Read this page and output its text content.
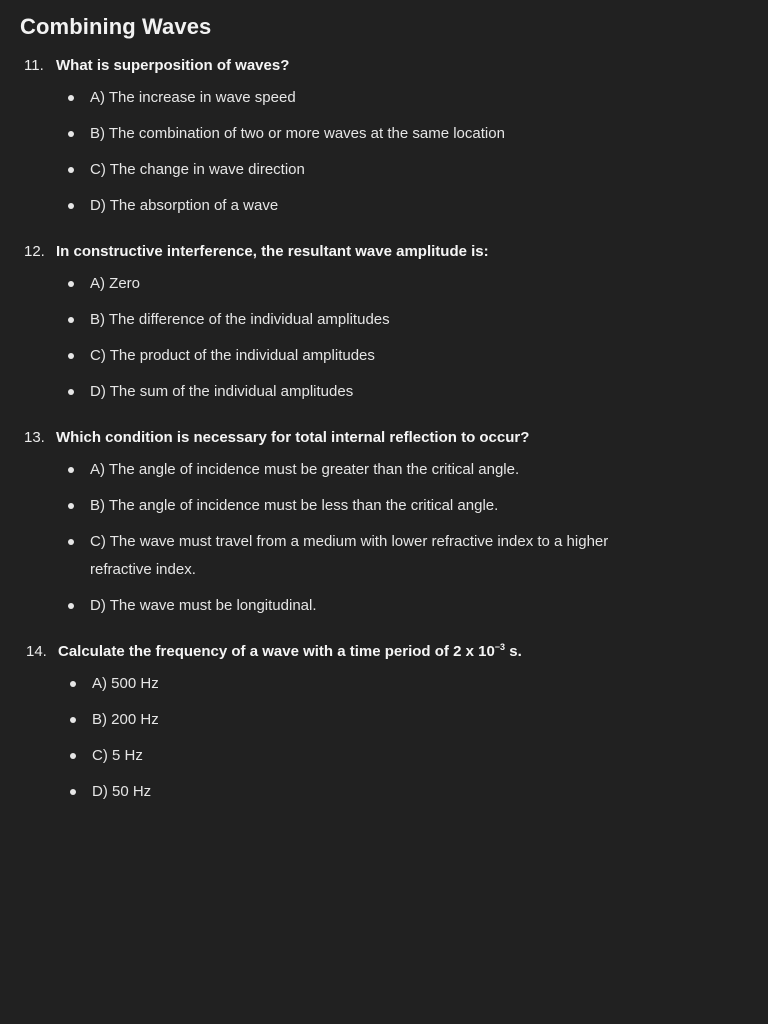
Combining Waves
11. What is superposition of waves?
A) The increase in wave speed
B) The combination of two or more waves at the same location
C) The change in wave direction
D) The absorption of a wave
12. In constructive interference, the resultant wave amplitude is:
A) Zero
B) The difference of the individual amplitudes
C) The product of the individual amplitudes
D) The sum of the individual amplitudes
13. Which condition is necessary for total internal reflection to occur?
A) The angle of incidence must be greater than the critical angle.
B) The angle of incidence must be less than the critical angle.
C) The wave must travel from a medium with lower refractive index to a higher refractive index.
D) The wave must be longitudinal.
14. Calculate the frequency of a wave with a time period of 2 x $10^{-3}$ s.
A) 500 Hz
B) 200 Hz
C) 5 Hz
D) 50 Hz
